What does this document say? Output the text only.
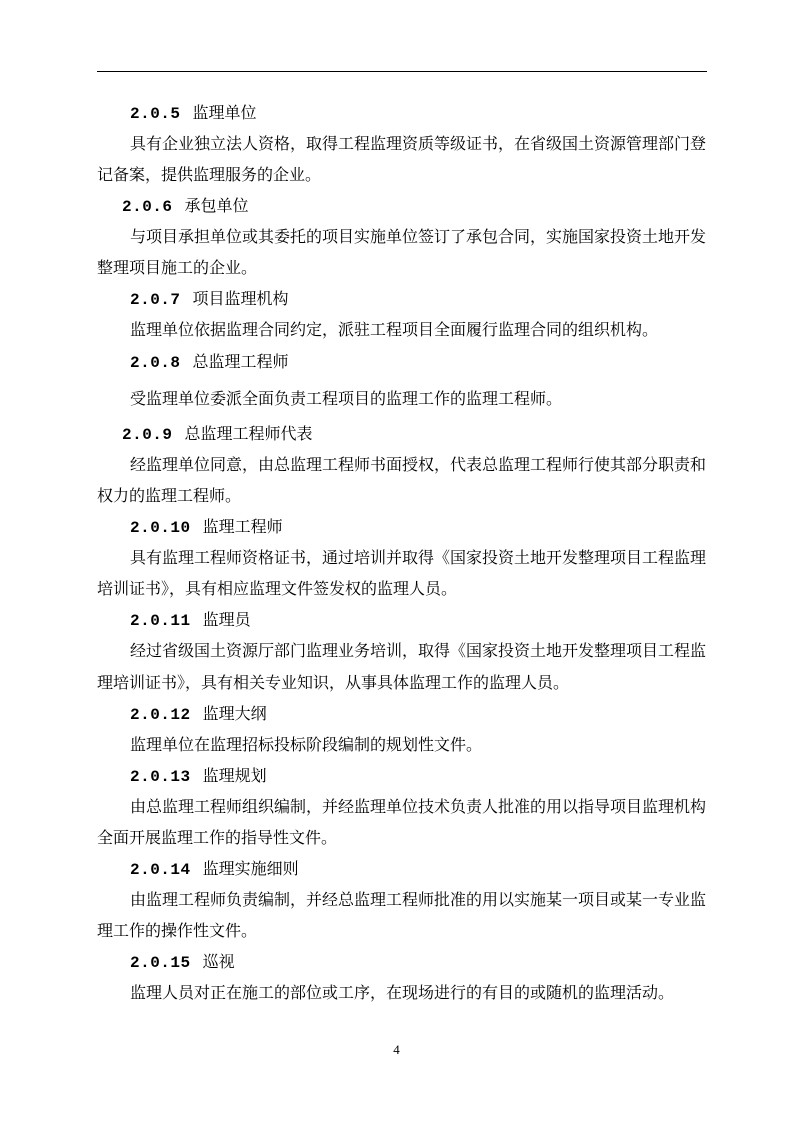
2.0.5 监理单位
具有企业独立法人资格，取得工程监理资质等级证书，在省级国土资源管理部门登
记备案，提供监理服务的企业。
2.0.6 承包单位
与项目承担单位或其委托的项目实施单位签订了承包合同，实施国家投资土地开发
整理项目施工的企业。
2.0.7 项目监理机构
监理单位依据监理合同约定，派驻工程项目全面履行监理合同的组织机构。
2.0.8 总监理工程师
受监理单位委派全面负责工程项目的监理工作的监理工程师。
2.0.9 总监理工程师代表
经监理单位同意，由总监理工程师书面授权，代表总监理工程师行使其部分职责和
权力的监理工程师。
2.0.10 监理工程师
具有监理工程师资格证书，通过培训并取得《国家投资土地开发整理项目工程监理
培训证书》，具有相应监理文件签发权的监理人员。
2.0.11 监理员
经过省级国土资源厅部门监理业务培训，取得《国家投资土地开发整理项目工程监
理培训证书》，具有相关专业知识，从事具体监理工作的监理人员。
2.0.12 监理大纲
监理单位在监理招标投标阶段编制的规划性文件。
2.0.13 监理规划
由总监理工程师组织编制，并经监理单位技术负责人批准的用以指导项目监理机构
全面开展监理工作的指导性文件。
2.0.14 监理实施细则
由监理工程师负责编制，并经总监理工程师批准的用以实施某一项目或某一专业监
理工作的操作性文件。
2.0.15 巡视
监理人员对正在施工的部位或工序，在现场进行的有目的或随机的监理活动。
4
